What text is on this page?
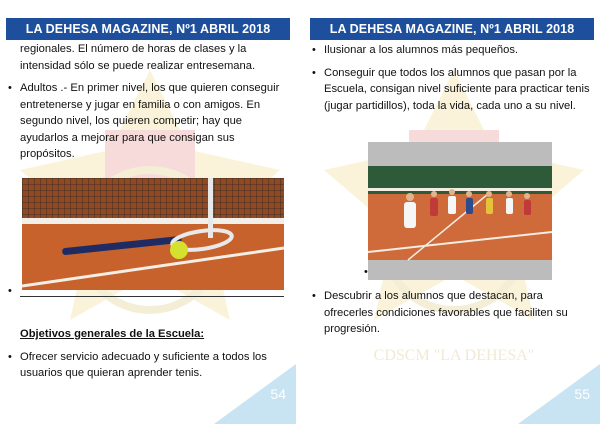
LA DEHESA MAGAZINE, Nº1 ABRIL 2018

regionales. El número de horas de clases y la intensidad sólo se puede realizar entresemana.

• Adultos .- En primer nivel, los que quieren conseguir entretenerse y jugar en familia o con amigos. En segundo nivel, los quieren competir; hay que ayudarlos a mejorar para que consigan sus propósitos.
•
Objetivos generales de la Escuela:
• Ofrecer servicio adecuado y suficiente a todos los usuarios que quieran aprender tenis.
54
CDSCM "LA DEHESA"
LA DEHESA MAGAZINE, Nº1 ABRIL 2018
• Ilusionar a los alumnos más pequeños.
• Conseguir que todos los alumnos que pasan por la Escuela, consigan nivel suficiente para practicar tenis (jugar partidillos), toda la vida, cada uno a su nivel.
•
• Descubrir a los alumnos que destacan, para ofrecerles condiciones favorables que faciliten su progresión.
55
